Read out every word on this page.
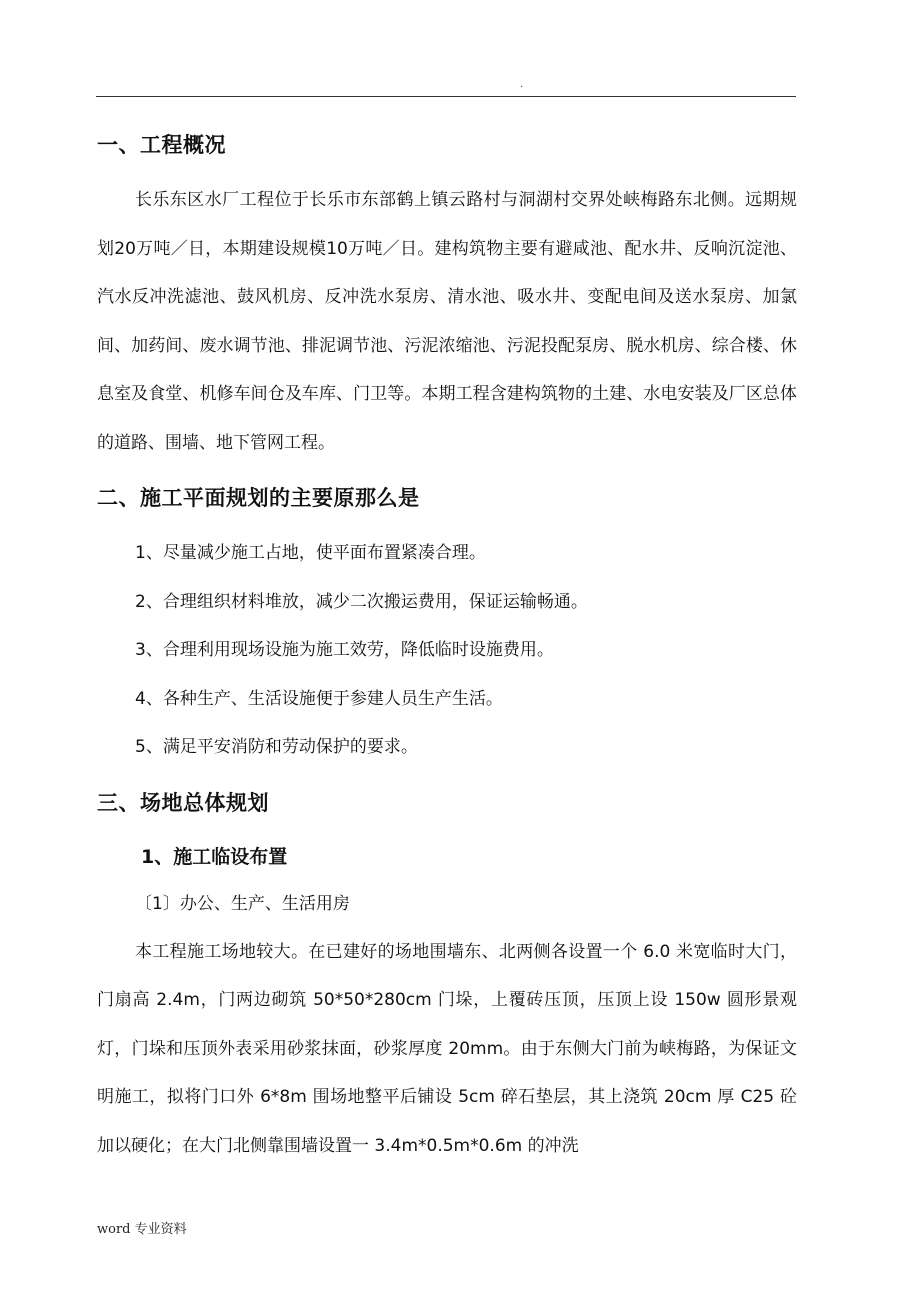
.
一、工程概况

长乐东区水厂工程位于长乐市东部鹤上镇云路村与洞湖村交界处峡梅路东北侧。远期规划20万吨／日，本期建设规模10万吨／日。建构筑物主要有避咸池、配水井、反响沉淀池、汽水反冲洗滤池、鼓风机房、反冲洗水泵房、清水池、吸水井、变配电间及送水泵房、加氯间、加药间、废水调节池、排泥调节池、污泥浓缩池、污泥投配泵房、脱水机房、综合楼、休息室及食堂、机修车间仓及车库、门卫等。本期工程含建构筑物的土建、水电安装及厂区总体的道路、围墙、地下管网工程。

二、施工平面规划的主要原那么是
1、尽量减少施工占地，使平面布置紧凑合理。
2、合理组织材料堆放，减少二次搬运费用，保证运输畅通。
3、合理利用现场设施为施工效劳，降低临时设施费用。
4、各种生产、生活设施便于参建人员生产生活。
5、满足平安消防和劳动保护的要求。
三、场地总体规划
1、施工临设布置
〔1〕办公、生产、生活用房

本工程施工场地较大。在已建好的场地围墙东、北两侧各设置一个 6.0 米宽临时大门，门扇高 2.4m，门两边砌筑 50*50*280cm 门垛，上覆砖压顶，压顶上设 150w 圆形景观灯，门垛和压顶外表采用砂浆抹面，砂浆厚度 20mm。由于东侧大门前为峡梅路，为保证文明施工，拟将门口外 6*8m 围场地整平后铺设 5cm 碎石垫层，其上浇筑 20cm 厚 C25 砼加以硬化；在大门北侧靠围墙设置一 3.4m*0.5m*0.6m 的冲洗

word 专业资料
